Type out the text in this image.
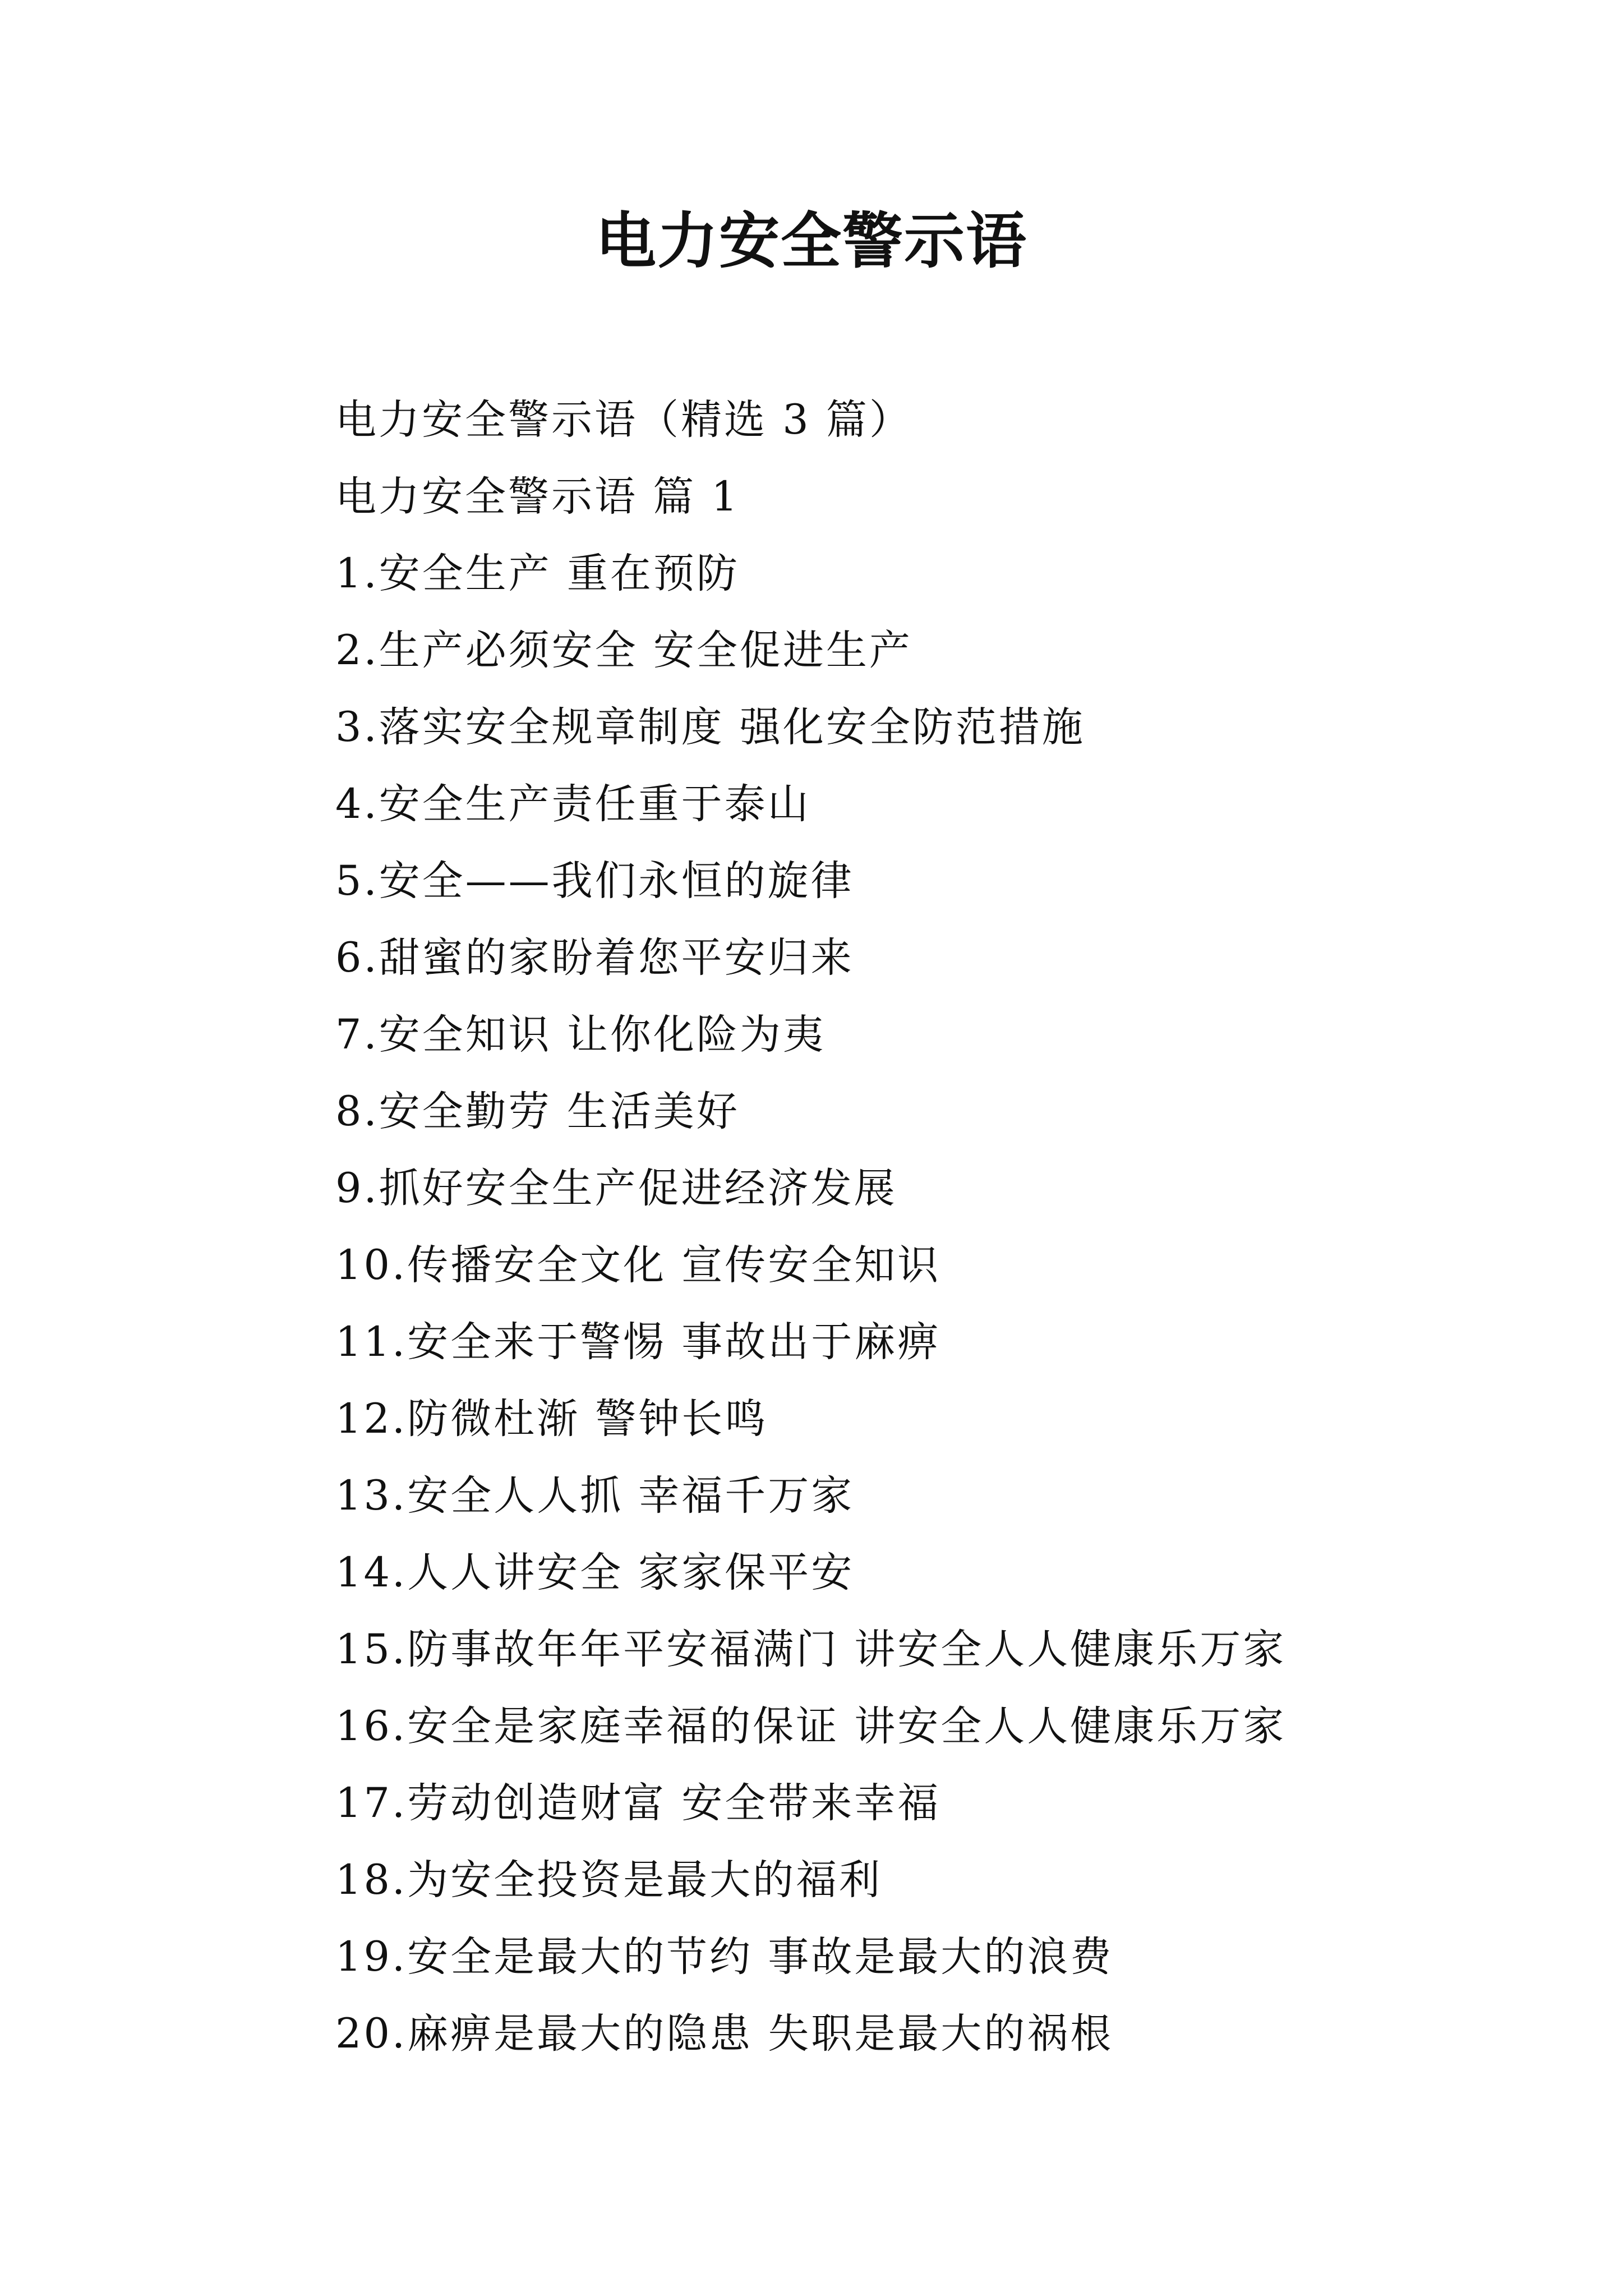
电力安全警示语

电力安全警示语（精选 3 篇）

电力安全警示语 篇 1

1.安全生产 重在预防

2.生产必须安全 安全促进生产

3.落实安全规章制度 强化安全防范措施

4.安全生产责任重于泰山

5.安全——我们永恒的旋律

6.甜蜜的家盼着您平安归来

7.安全知识 让你化险为夷

8.安全勤劳 生活美好

9.抓好安全生产促进经济发展

10.传播安全文化 宣传安全知识

11.安全来于警惕 事故出于麻痹

12.防微杜渐 警钟长鸣

13.安全人人抓 幸福千万家

14.人人讲安全 家家保平安

15.防事故年年平安福满门 讲安全人人健康乐万家

16.安全是家庭幸福的保证 讲安全人人健康乐万家

17.劳动创造财富 安全带来幸福

18.为安全投资是最大的福利

19.安全是最大的节约 事故是最大的浪费

20.麻痹是最大的隐患 失职是最大的祸根
